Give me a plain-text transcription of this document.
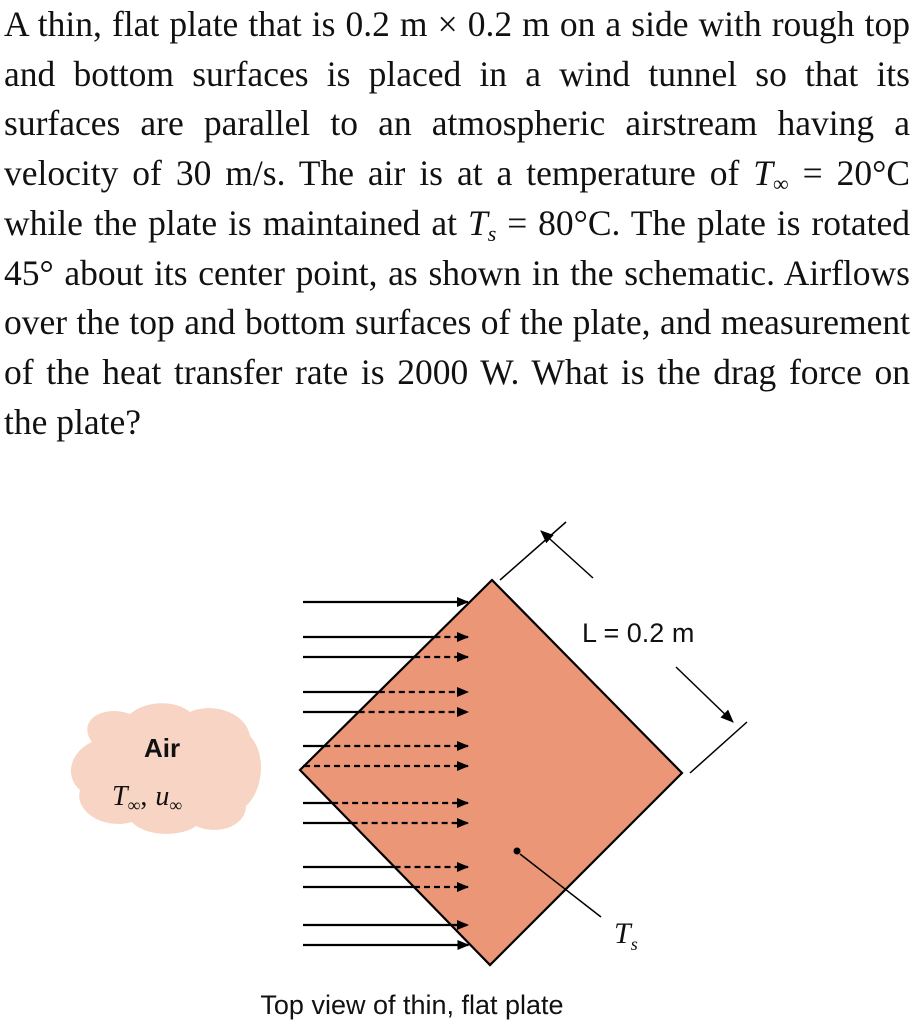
A thin, flat plate that is 0.2 m × 0.2 m on a side with rough top and bottom surfaces is placed in a wind tunnel so that its surfaces are parallel to an atmospheric airstream having a velocity of 30 m/s. The air is at a temperature of $T_\infty = 20^\circ C$ while the plate is maintained at $T_s = 80^\circ C$. The plate is rotated 45° about its center point, as shown in the schematic. Airflows over the top and bottom surfaces of the plate, and measurement of the heat transfer rate is 2000 W. What is the drag force on the plate?

Air
$T_\infty$, $u_\infty$
L = 0.2 m
$T_s$
Top view of thin, flat plate
